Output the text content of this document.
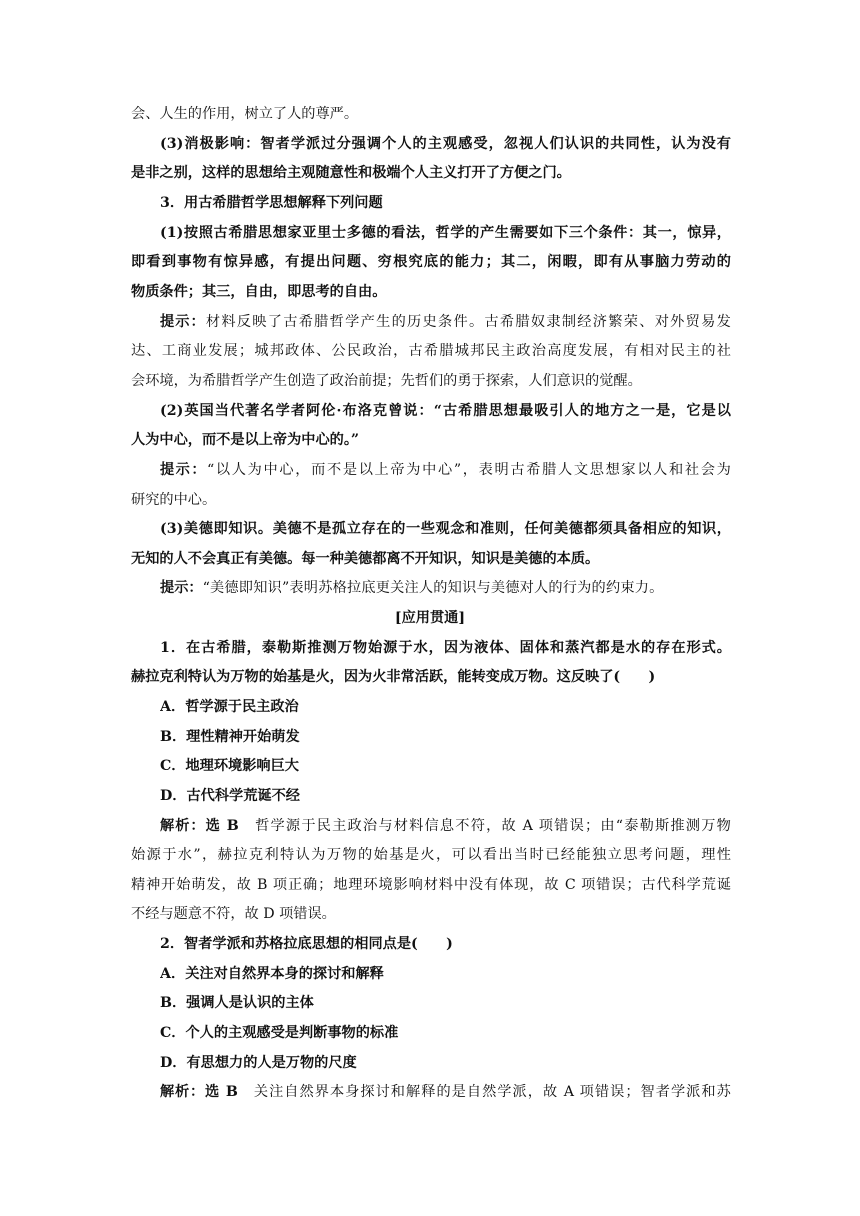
会、人生的作用，树立了人的尊严。
(3)消极影响：智者学派过分强调个人的主观感受，忽视人们认识的共同性，认为没有
是非之别，这样的思想给主观随意性和极端个人主义打开了方便之门。
3．用古希腊哲学思想解释下列问题
(1)按照古希腊思想家亚里士多德的看法，哲学的产生需要如下三个条件：其一，惊异，
即看到事物有惊异感，有提出问题、穷根究底的能力；其二，闲暇，即有从事脑力劳动的
物质条件；其三，自由，即思考的自由。
提示：材料反映了古希腊哲学产生的历史条件。古希腊奴隶制经济繁荣、对外贸易发
达、工商业发展；城邦政体、公民政治，古希腊城邦民主政治高度发展，有相对民主的社
会环境，为希腊哲学产生创造了政治前提；先哲们的勇于探索，人们意识的觉醒。
(2)英国当代著名学者阿伦·布洛克曾说：“古希腊思想最吸引人的地方之一是，它是以
人为中心，而不是以上帝为中心的。”
提示：“以人为中心，而不是以上帝为中心”，表明古希腊人文思想家以人和社会为
研究的中心。
(3)美德即知识。美德不是孤立存在的一些观念和准则，任何美德都须具备相应的知识，
无知的人不会真正有美德。每一种美德都离不开知识，知识是美德的本质。
提示：“美德即知识”表明苏格拉底更关注人的知识与美德对人的行为的约束力。
[应用贯通]
1．在古希腊，泰勒斯推测万物始源于水，因为液体、固体和蒸汽都是水的存在形式。
赫拉克利特认为万物的始基是火，因为火非常活跃，能转变成万物。这反映了(　　)
A．哲学源于民主政治
B．理性精神开始萌发
C．地理环境影响巨大
D．古代科学荒诞不经
解析：选 B　哲学源于民主政治与材料信息不符，故 A 项错误；由“泰勒斯推测万物
始源于水”，赫拉克利特认为万物的始基是火，可以看出当时已经能独立思考问题，理性
精神开始萌发，故 B 项正确；地理环境影响材料中没有体现，故 C 项错误；古代科学荒诞
不经与题意不符，故 D 项错误。
2．智者学派和苏格拉底思想的相同点是(　　)
A．关注对自然界本身的探讨和解释
B．强调人是认识的主体
C．个人的主观感受是判断事物的标准
D．有思想力的人是万物的尺度
解析：选 B　关注自然界本身探讨和解释的是自然学派，故 A 项错误；智者学派和苏
